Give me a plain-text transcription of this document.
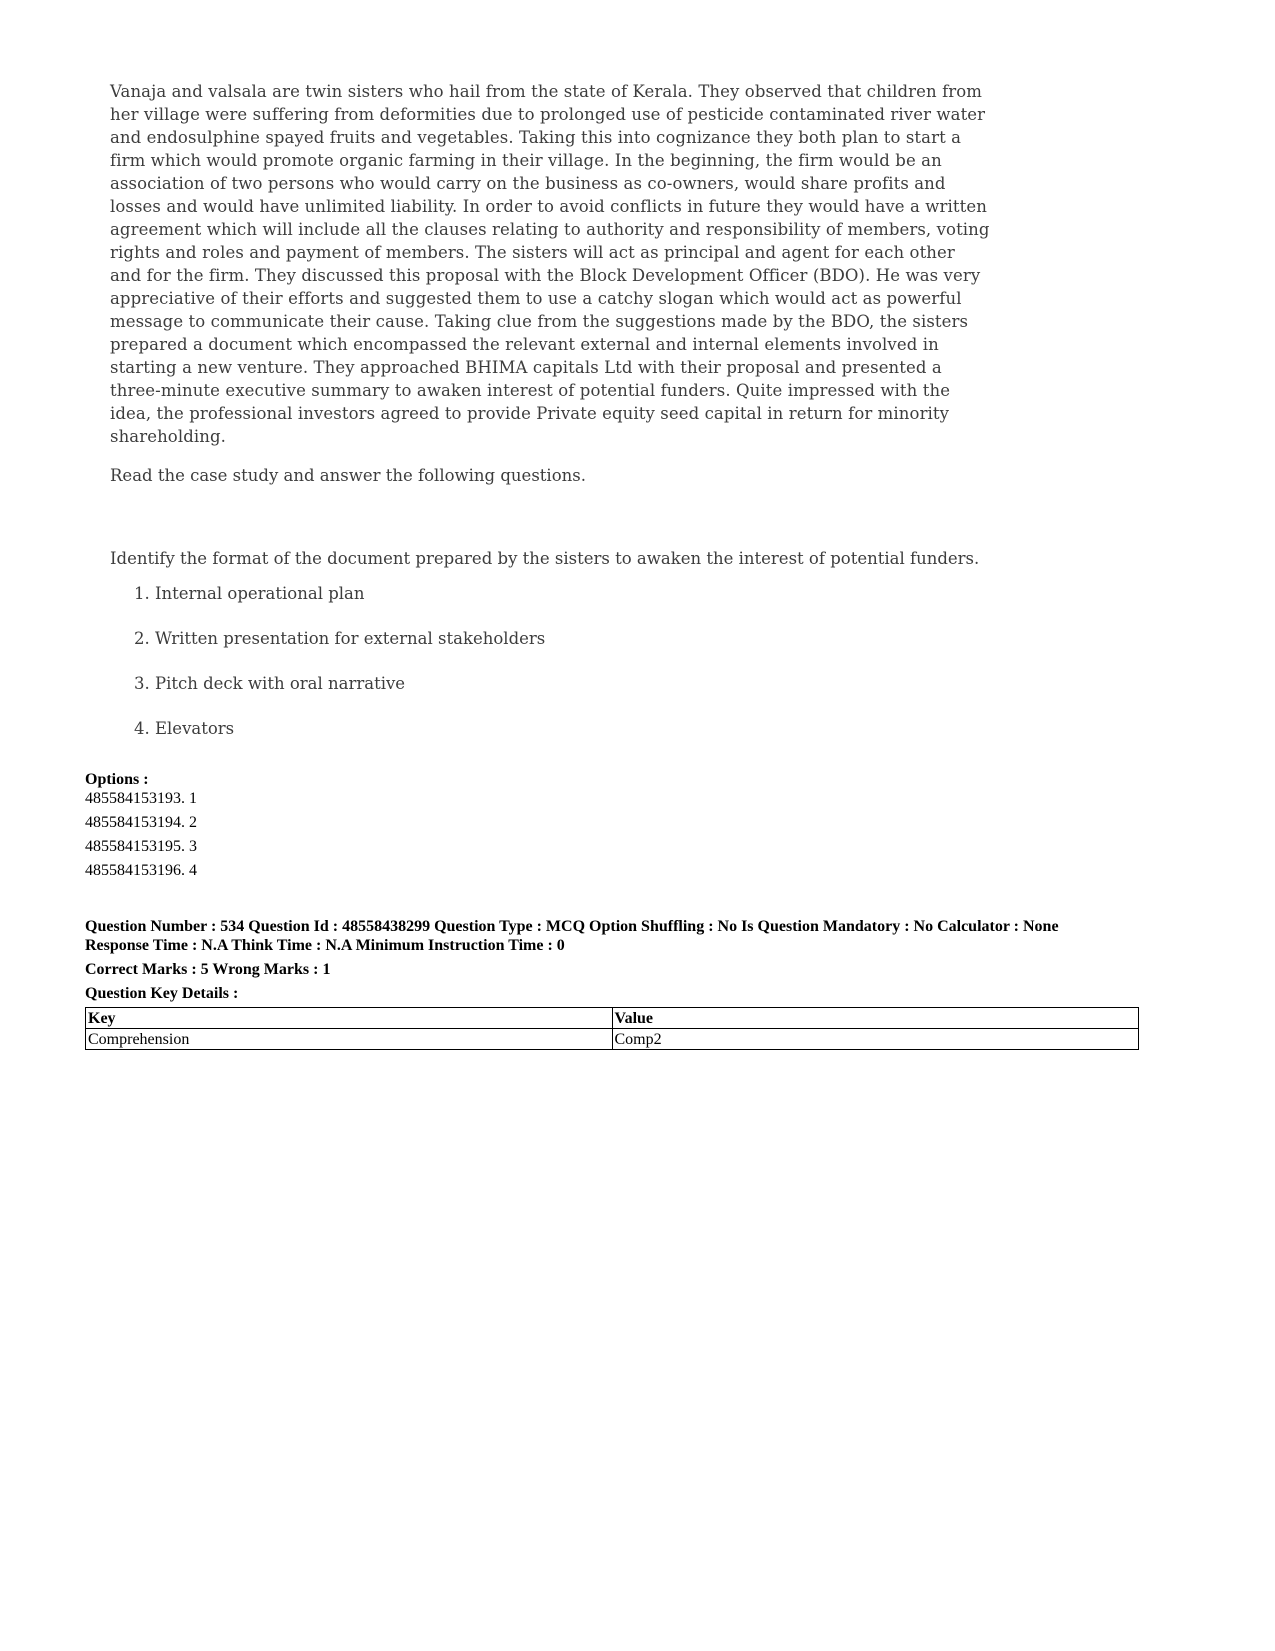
Vanaja and valsala are twin sisters who hail from the state of Kerala. They observed that children from her village were suffering from deformities due to prolonged use of pesticide contaminated river water and endosulphine spayed fruits and vegetables. Taking this into cognizance they both plan to start a firm which would promote organic farming in their village. In the beginning, the firm would be an association of two persons who would carry on the business as co-owners, would share profits and losses and would have unlimited liability. In order to avoid conflicts in future they would have a written agreement which will include all the clauses relating to authority and responsibility of members, voting rights and roles and payment of members. The sisters will act as principal and agent for each other and for the firm. They discussed this proposal with the Block Development Officer (BDO). He was very appreciative of their efforts and suggested them to use a catchy slogan which would act as powerful message to communicate their cause. Taking clue from the suggestions made by the BDO, the sisters prepared a document which encompassed the relevant external and internal elements involved in starting a new venture. They approached BHIMA capitals Ltd with their proposal and presented a three-minute executive summary to awaken interest of potential funders. Quite impressed with the idea, the professional investors agreed to provide Private equity seed capital in return for minority shareholding.

Read the case study and answer the following questions.

Identify the format of the document prepared by the sisters to awaken the interest of potential funders.

1. Internal operational plan
2. Written presentation for external stakeholders
3. Pitch deck with oral narrative
4. Elevators
Options :
485584153193. 1
485584153194. 2
485584153195. 3
485584153196. 4
Question Number : 534 Question Id : 48558438299 Question Type : MCQ Option Shuffling : No Is Question Mandatory : No Calculator : None
Response Time : N.A Think Time : N.A Minimum Instruction Time : 0
Correct Marks : 5 Wrong Marks : 1
Question Key Details :
Key	Value
Comprehension	Comp2
